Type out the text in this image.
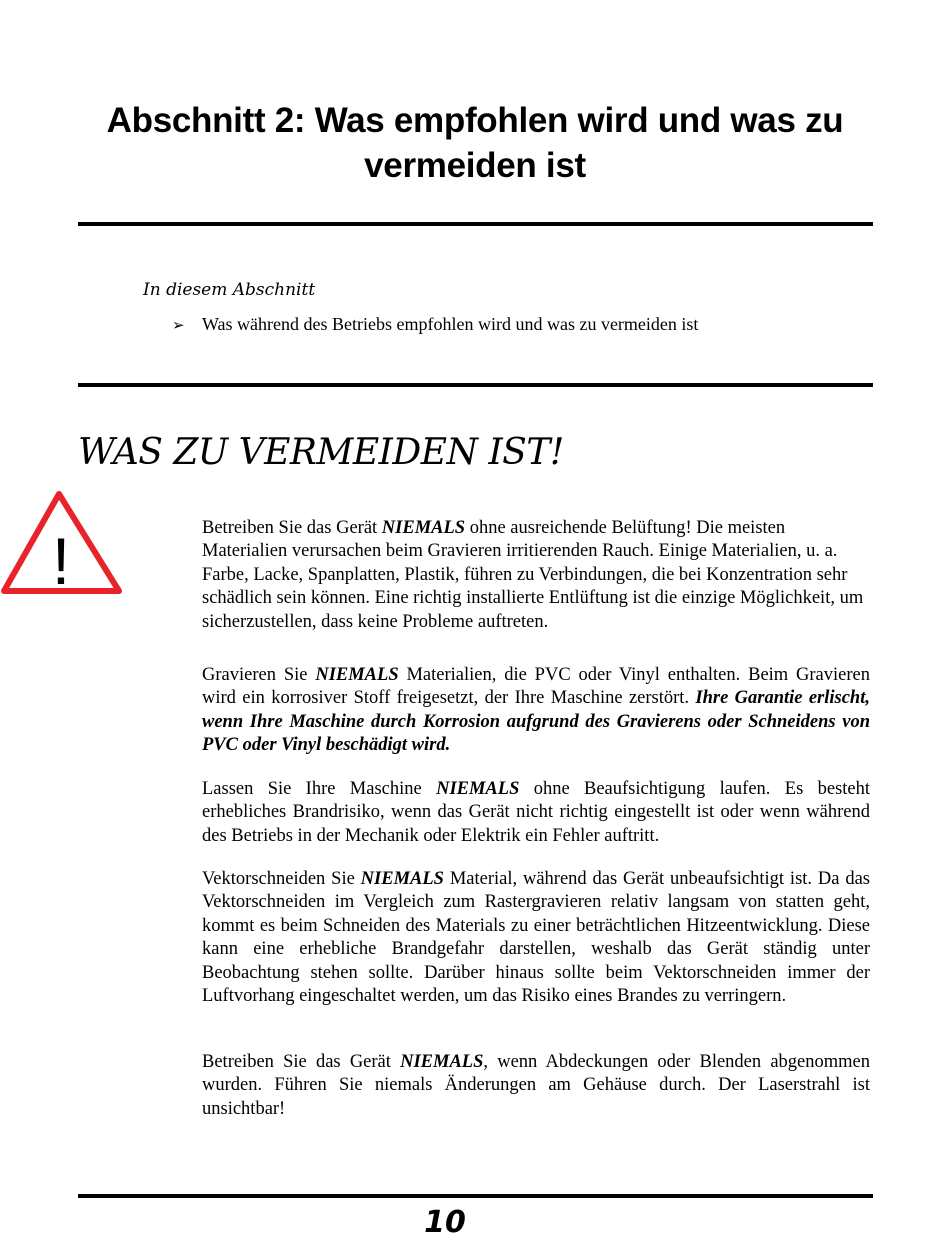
Abschnitt 2: Was empfohlen wird und was zu
vermeiden ist

In diesem Abschnitt

➢ Was während des Betriebs empfohlen wird und was zu vermeiden ist

WAS ZU VERMEIDEN IST!
!	Betreiben Sie das Gerät NIEMALS ohne ausreichende Belüftung! Die meisten Materialien verursachen beim Gravieren irritierenden Rauch. Einige Materialien, u. a. Farbe, Lacke, Spanplatten, Plastik, führen zu Verbindungen, die bei Konzentration sehr schädlich sein können. Eine richtig installierte Entlüftung ist die einzige Möglichkeit, um sicherzustellen, dass keine Probleme auftreten.

Gravieren Sie NIEMALS Materialien, die PVC oder Vinyl enthalten. Beim Gravieren wird ein korrosiver Stoff freigesetzt, der Ihre Maschine zerstört. Ihre Garantie erlischt, wenn Ihre Maschine durch Korrosion aufgrund des Gravierens oder Schneidens von PVC oder Vinyl beschädigt wird.

Lassen Sie Ihre Maschine NIEMALS ohne Beaufsichtigung laufen. Es besteht erhebliches Brandrisiko, wenn das Gerät nicht richtig eingestellt ist oder wenn während des Betriebs in der Mechanik oder Elektrik ein Fehler auftritt.

Vektorschneiden Sie NIEMALS Material, während das Gerät unbeaufsichtigt ist. Da das Vektorschneiden im Vergleich zum Rastergravieren relativ langsam von statten geht, kommt es beim Schneiden des Materials zu einer beträchtlichen Hitzeentwicklung. Diese kann eine erhebliche Brandgefahr darstellen, weshalb das Gerät ständig unter Beobachtung stehen sollte. Darüber hinaus sollte beim Vektorschneiden immer der Luftvorhang eingeschaltet werden, um das Risiko eines Brandes zu verringern.

Betreiben Sie das Gerät NIEMALS, wenn Abdeckungen oder Blenden abgenommen wurden. Führen Sie niemals Änderungen am Gehäuse durch. Der Laserstrahl ist unsichtbar!

10
